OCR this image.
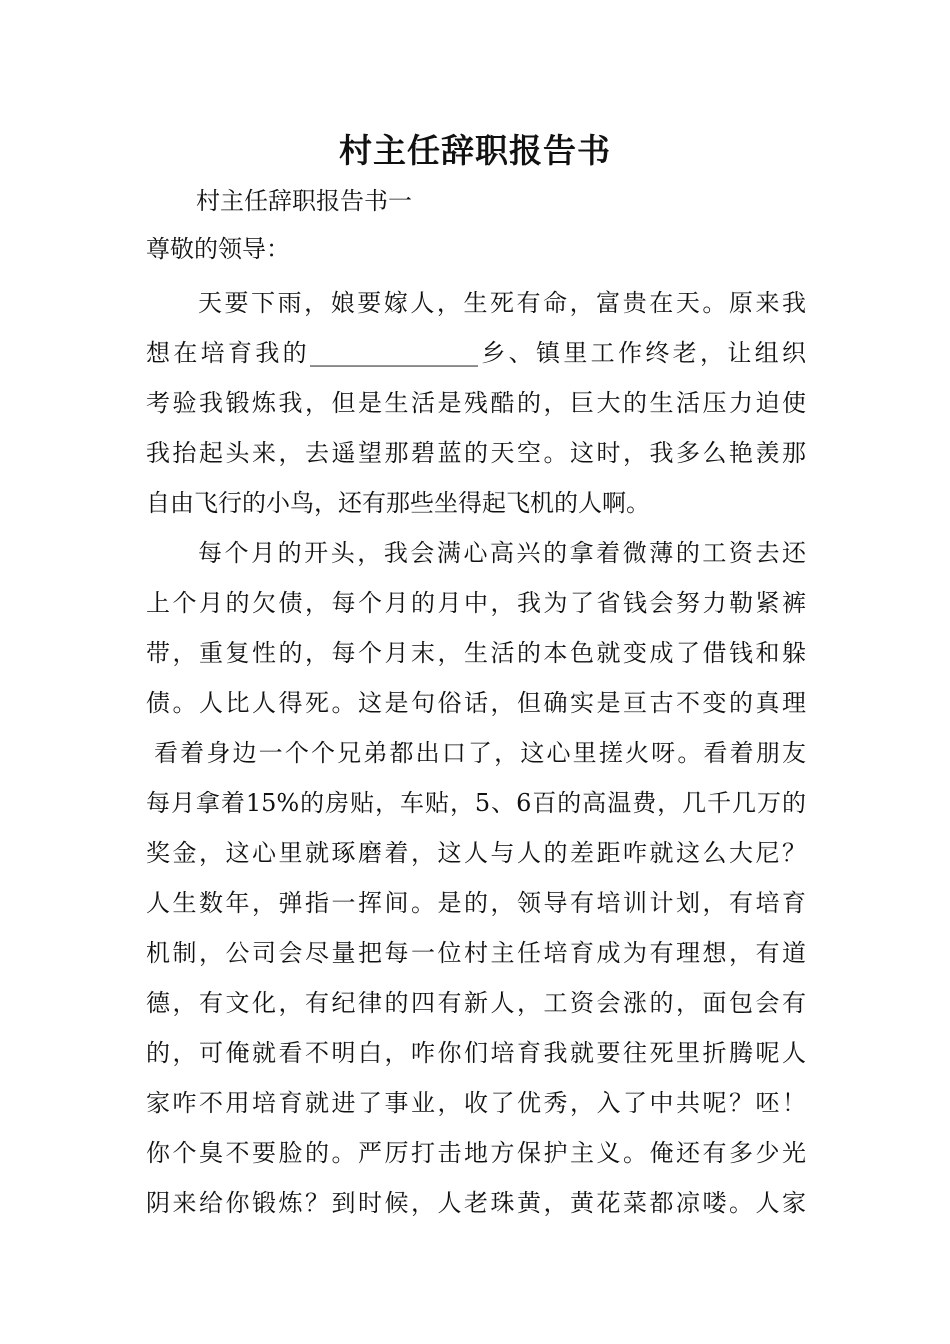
村主任辞职报告书
村主任辞职报告书一
尊敬的领导：
天要下雨，娘要嫁人，生死有命，富贵在天。原来我
想在培育我的______________乡、镇里工作终老，让组织
考验我锻炼我，但是生活是残酷的，巨大的生活压力迫使
我抬起头来，去遥望那碧蓝的天空。这时，我多么艳羡那
自由飞行的小鸟，还有那些坐得起飞机的人啊。
每个月的开头，我会满心高兴的拿着微薄的工资去还
上个月的欠债，每个月的月中，我为了省钱会努力勒紧裤
带，重复性的，每个月末，生活的本色就变成了借钱和躲
债。人比人得死。这是句俗话，但确实是亘古不变的真理
看着身边一个个兄弟都出口了，这心里搓火呀。看着朋友
每月拿着15%的房贴，车贴，5、6百的高温费，几千几万的
奖金，这心里就琢磨着，这人与人的差距咋就这么大尼？
人生数年，弹指一挥间。是的，领导有培训计划，有培育
机制，公司会尽量把每一位村主任培育成为有理想，有道
德，有文化，有纪律的四有新人，工资会涨的，面包会有
的，可俺就看不明白，咋你们培育我就要往死里折腾呢人
家咋不用培育就进了事业，收了优秀，入了中共呢？呸！
你个臭不要脸的。严厉打击地方保护主义。俺还有多少光
阴来给你锻炼？到时候，人老珠黄，黄花菜都凉喽。人家
